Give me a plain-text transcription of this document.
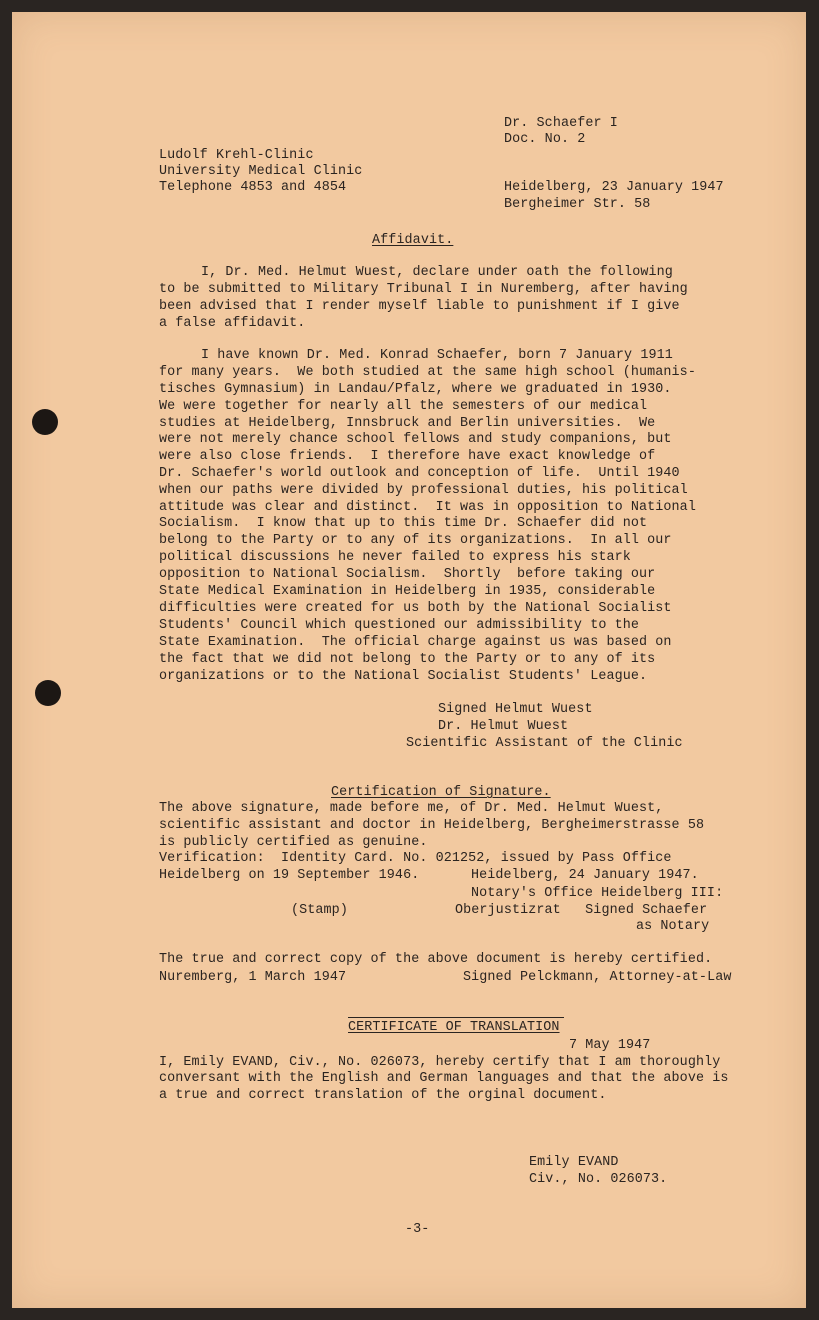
Dr. Schaefer I

Doc. No. 2

Ludolf Krehl-Clinic

University Medical Clinic

Telephone 4853 and 4854	Heidelberg, 23 January 1947

Bergheimer Str. 58

Affidavit.

I, Dr. Med. Helmut Wuest, declare under oath the following

to be submitted to Military Tribunal I in Nuremberg, after having

been advised that I render myself liable to punishment if I give

a false affidavit.

I have known Dr. Med. Konrad Schaefer, born 7 January 1911

for many years.  We both studied at the same high school (humanis-

tisches Gymnasium) in Landau/Pfalz, where we graduated in 1930.

We were together for nearly all the semesters of our medical

studies at Heidelberg, Innsbruck and Berlin universities.  We

were not merely chance school fellows and study companions, but

were also close friends.  I therefore have exact knowledge of

Dr. Schaefer's world outlook and conception of life.  Until 1940

when our paths were divided by professional duties, his political

attitude was clear and distinct.  It was in opposition to National

Socialism.  I know that up to this time Dr. Schaefer did not

belong to the Party or to any of its organizations.  In all our

political discussions he never failed to express his stark

opposition to National Socialism.  Shortly  before taking our

State Medical Examination in Heidelberg in 1935, considerable

difficulties were created for us both by the National Socialist

Students' Council which questioned our admissibility to the

State Examination.  The official charge against us was based on

the fact that we did not belong to the Party or to any of its

organizations or to the National Socialist Students' League.

Signed Helmut Wuest

Dr. Helmut Wuest

Scientific Assistant of the Clinic

Certification of Signature.

The above signature, made before me, of Dr. Med. Helmut Wuest,

scientific assistant and doctor in Heidelberg, Bergheimerstrasse 58

is publicly certified as genuine.

Verification:  Identity Card. No. 021252, issued by Pass Office

Heidelberg on 19 September 1946.	Heidelberg, 24 January 1947.

Notary's Office Heidelberg III:

Oberjustizrat   Signed Schaefer

as Notary

(Stamp)

The true and correct copy of the above document is hereby certified.

Nuremberg, 1 March 1947	Signed Pelckmann, Attorney-at-Law

CERTIFICATE OF TRANSLATION

7 May 1947

I, Emily EVAND, Civ., No. 026073, hereby certify that I am thoroughly

conversant with the English and German languages and that the above is

a true and correct translation of the orginal document.

Emily EVAND

Civ., No. 026073.

-3-
